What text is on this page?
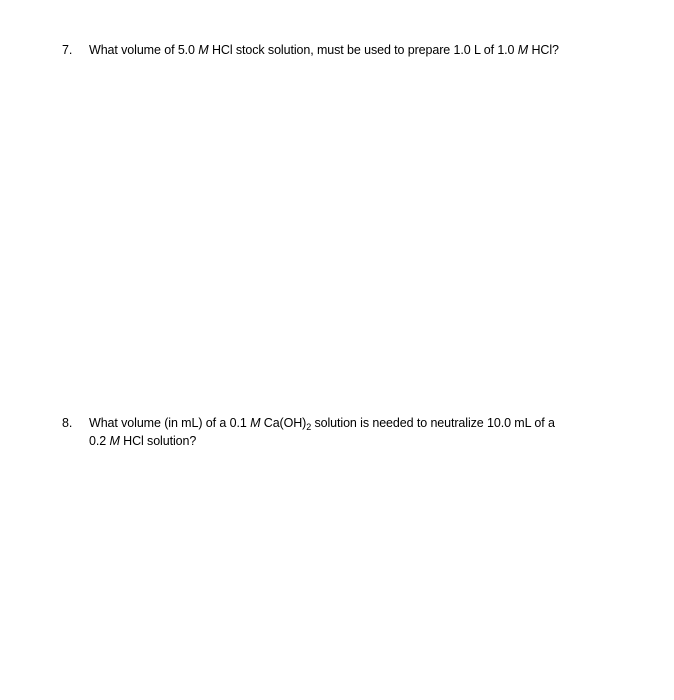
7.	What volume of 5.0 M HCl stock solution, must be used to prepare 1.0 L of 1.0 M HCl?
8.	What volume (in mL) of a 0.1 M $Ca(OH)_2$ solution is needed to neutralize 10.0 mL of a
0.2 M HCl solution?
